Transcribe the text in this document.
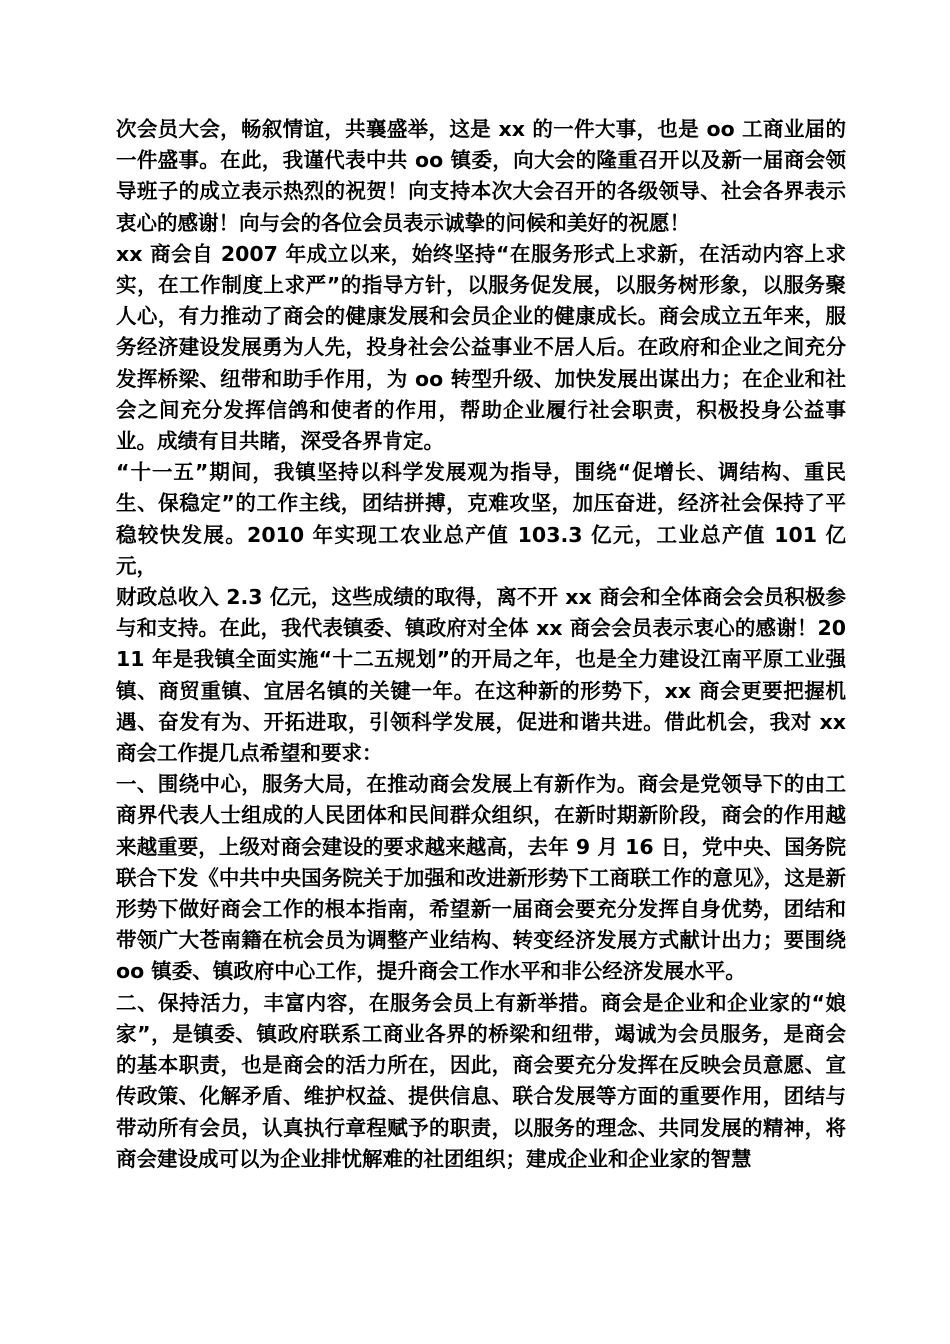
次会员大会，畅叙情谊，共襄盛举，这是 xx 的一件大事，也是 oo 工商业届的一件盛事。在此，我谨代表中共 oo 镇委，向大会的隆重召开以及新一届商会领导班子的成立表示热烈的祝贺！向支持本次大会召开的各级领导、社会各界表示衷心的感谢！向与会的各位会员表示诚挚的问候和美好的祝愿！

xx 商会自 2007 年成立以来，始终坚持“在服务形式上求新，在活动内容上求实，在工作制度上求严”的指导方针，以服务促发展，以服务树形象，以服务聚人心，有力推动了商会的健康发展和会员企业的健康成长。商会成立五年来，服务经济建设发展勇为人先，投身社会公益事业不居人后。在政府和企业之间充分发挥桥梁、纽带和助手作用，为 oo 转型升级、加快发展出谋出力；在企业和社会之间充分发挥信鸽和使者的作用，帮助企业履行社会职责，积极投身公益事业。成绩有目共睹，深受各界肯定。

“十一五”期间，我镇坚持以科学发展观为指导，围绕“促增长、调结构、重民生、保稳定”的工作主线，团结拼搏，克难攻坚，加压奋进，经济社会保持了平稳较快发展。2010 年实现工农业总产值 103.3 亿元，工业总产值 101 亿元，

财政总收入 2.3 亿元，这些成绩的取得，离不开 xx 商会和全体商会会员积极参与和支持。在此，我代表镇委、镇政府对全体 xx 商会会员表示衷心的感谢！2011 年是我镇全面实施“十二五规划”的开局之年，也是全力建设江南平原工业强镇、商贸重镇、宜居名镇的关键一年。在这种新的形势下，xx 商会更要把握机遇、奋发有为、开拓进取，引领科学发展，促进和谐共进。借此机会，我对 xx 商会工作提几点希望和要求：

一、围绕中心，服务大局，在推动商会发展上有新作为。商会是党领导下的由工商界代表人士组成的人民团体和民间群众组织，在新时期新阶段，商会的作用越来越重要，上级对商会建设的要求越来越高，去年 9 月 16 日，党中央、国务院联合下发《中共中央国务院关于加强和改进新形势下工商联工作的意见》，这是新形势下做好商会工作的根本指南，希望新一届商会要充分发挥自身优势，团结和带领广大苍南籍在杭会员为调整产业结构、转变经济发展方式献计出力；要围绕 oo 镇委、镇政府中心工作，提升商会工作水平和非公经济发展水平。

二、保持活力，丰富内容，在服务会员上有新举措。商会是企业和企业家的“娘家”，是镇委、镇政府联系工商业各界的桥梁和纽带，竭诚为会员服务，是商会的基本职责，也是商会的活力所在，因此，商会要充分发挥在反映会员意愿、宣传政策、化解矛盾、维护权益、提供信息、联合发展等方面的重要作用，团结与带动所有会员，认真执行章程赋予的职责，以服务的理念、共同发展的精神，将商会建设成可以为企业排忧解难的社团组织；建成企业和企业家的智慧
